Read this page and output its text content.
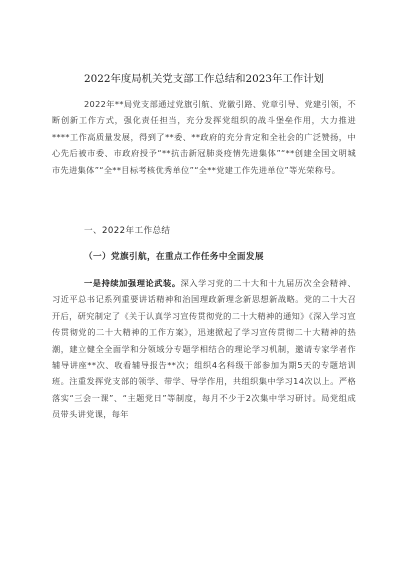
2022年度局机关党支部工作总结和2023年工作计划
2022年**局党支部通过党旗引航、党徽引路、党章引导、党建引领，不断创新工作方式，强化责任担当，充分发挥党组织的战斗堡垒作用，大力推进****工作高质量发展，得到了**委、**政府的充分肯定和全社会的广泛赞扬，中心先后被市委、市政府授予“**抗击新冠肺炎疫情先进集体”“**创建全国文明城市先进集体”“全**目标考核优秀单位”“全**党建工作先进单位”等光荣称号。
一、2022年工作总结
（一）党旗引航，在重点工作任务中全面发展
一是持续加强理论武装。深入学习党的二十大和十九届历次全会精神、习近平总书记系列重要讲话精神和治国理政新理念新思想新战略。党的二十大召开后，研究制定了《关于认真学习宣传贯彻党的二十大精神的通知》《深入学习宣传贯彻党的二十大精神的工作方案》，迅速掀起了学习宣传贯彻二十大精神的热潮，建立健全全面学和分领域分专题学相结合的理论学习机制，邀请专家学者作辅导讲座**次、收看辅导报告**次；组织4名科级干部参加为期5天的专题培训班。注重发挥党支部的领学、带学、导学作用，共组织集中学习14次以上。严格落实“三会一课”、“主题党日”等制度，每月不少于2次集中学习研讨。局党组成员带头讲党课，每年
